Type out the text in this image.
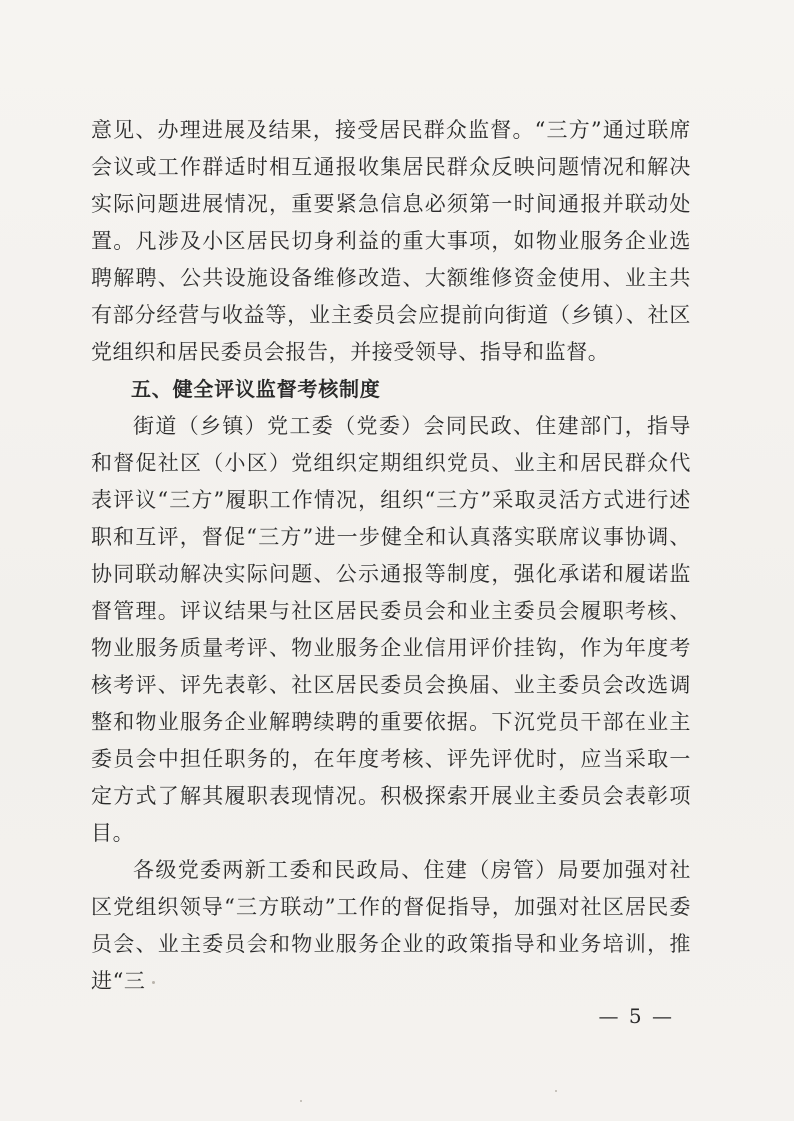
意见、办理进展及结果，接受居民群众监督。“三方”通过联席会议或工作群适时相互通报收集居民群众反映问题情况和解决实际问题进展情况，重要紧急信息必须第一时间通报并联动处置。凡涉及小区居民切身利益的重大事项，如物业服务企业选聘解聘、公共设施设备维修改造、大额维修资金使用、业主共有部分经营与收益等，业主委员会应提前向街道（乡镇）、社区党组织和居民委员会报告，并接受领导、指导和监督。

五、健全评议监督考核制度

街道（乡镇）党工委（党委）会同民政、住建部门，指导和督促社区（小区）党组织定期组织党员、业主和居民群众代表评议“三方”履职工作情况，组织“三方”采取灵活方式进行述职和互评，督促“三方”进一步健全和认真落实联席议事协调、协同联动解决实际问题、公示通报等制度，强化承诺和履诺监督管理。评议结果与社区居民委员会和业主委员会履职考核、物业服务质量考评、物业服务企业信用评价挂钩，作为年度考核考评、评先表彰、社区居民委员会换届、业主委员会改选调整和物业服务企业解聘续聘的重要依据。下沉党员干部在业主委员会中担任职务的，在年度考核、评先评优时，应当采取一定方式了解其履职表现情况。积极探索开展业主委员会表彰项目。

各级党委两新工委和民政局、住建（房管）局要加强对社区党组织领导“三方联动”工作的督促指导，加强对社区居民委员会、业主委员会和物业服务企业的政策指导和业务培训，推进“三

— 5 —
